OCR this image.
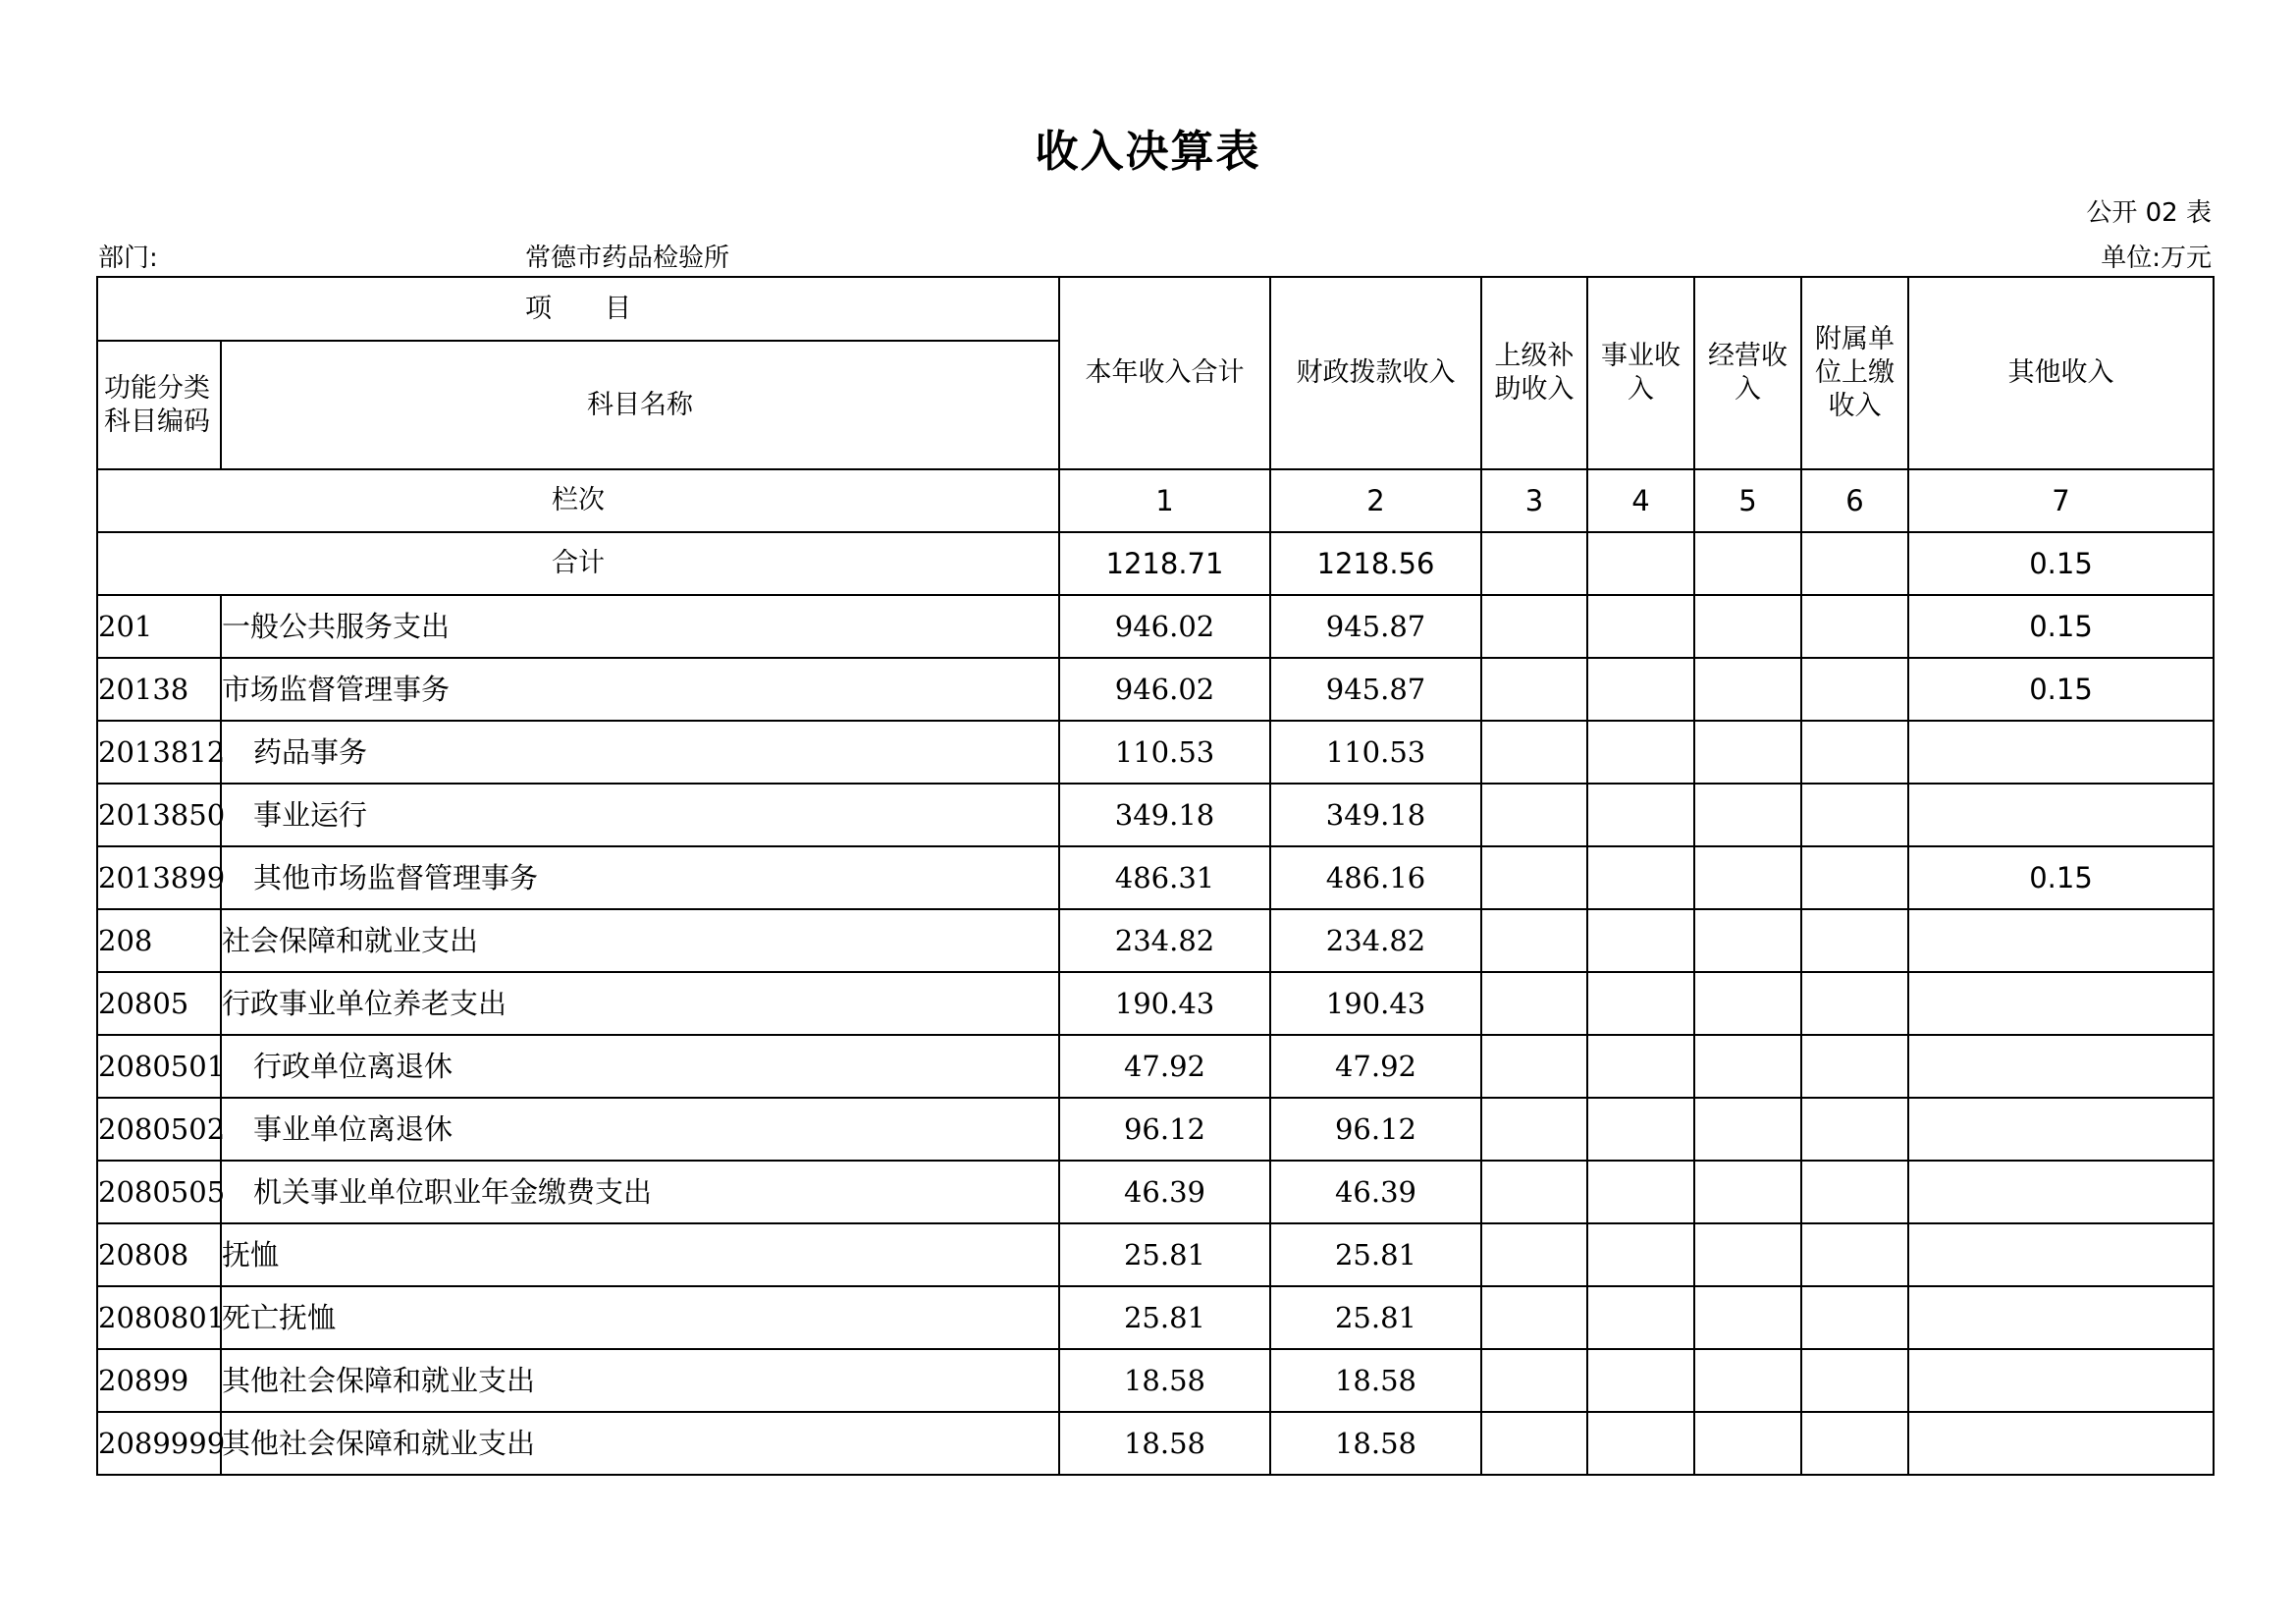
收入决算表
公开 02 表
部门:	常德市药品检验所	单位:万元
项　　目		本年收入合计	财政拨款收入	上级补助收入	事业收入	经营收入	附属单位上缴收入	其他收入
功能分类科目编码	科目名称							
栏次		1	2	3	4	5	6	7
合计		1218.71	1218.56					0.15
201	一般公共服务支出	946.02	945.87					0.15
20138	市场监督管理事务	946.02	945.87					0.15
2013812	药品事务	110.53	110.53					
2013850	事业运行	349.18	349.18					
2013899	其他市场监督管理事务	486.31	486.16					0.15
208	社会保障和就业支出	234.82	234.82					
20805	行政事业单位养老支出	190.43	190.43					
2080501	行政单位离退休	47.92	47.92					
2080502	事业单位离退休	96.12	96.12					
2080505	机关事业单位职业年金缴费支出	46.39	46.39					
20808	抚恤	25.81	25.81					
2080801	死亡抚恤	25.81	25.81					
20899	其他社会保障和就业支出	18.58	18.58					
2089999	其他社会保障和就业支出	18.58	18.58					
